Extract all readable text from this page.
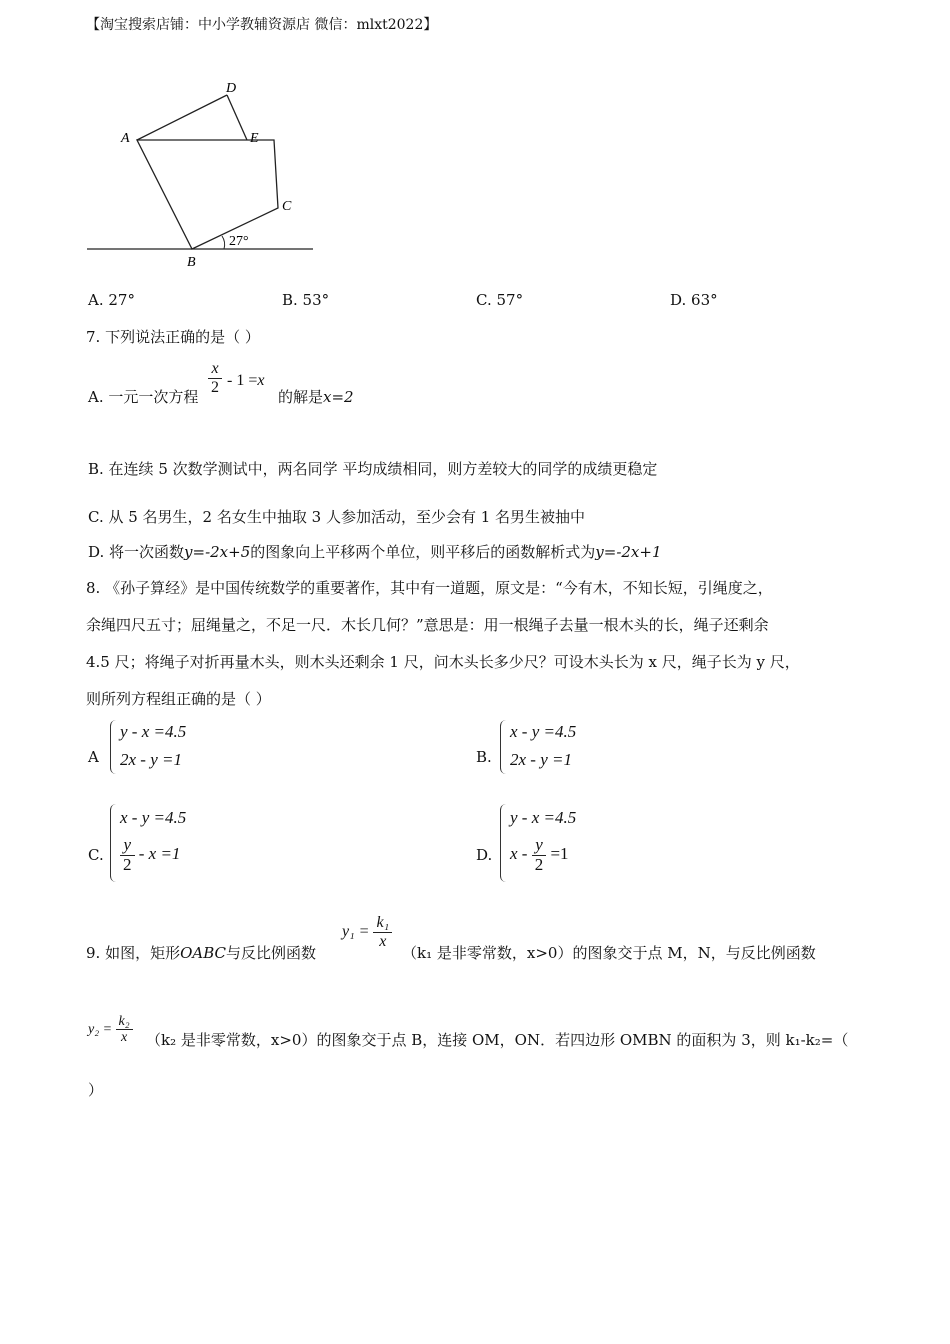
【淘宝搜索店铺：中小学教辅资源店 微信：mlxt2022】
D
A	E
C
B
27°
A. 27°	B. 53°	C. 57°	D. 63°
7. 下列说法正确的是（ ）
A. 一元一次方程
$\frac{x}{2} - 1 =x$
的解是x=2
B. 在连续 5 次数学测试中，两名同学 平均成绩相同，则方差较大的同学的成绩更稳定
C. 从 5 名男生，2 名女生中抽取 3 人参加活动，至少会有 1 名男生被抽中
D. 将一次函数y=-2x+5的图象向上平移两个单位，则平移后的函数解析式为y=-2x+1
8. 《孙子算经》是中国传统数学的重要著作，其中有一道题，原文是：“今有木，不知长短，引绳度之，
余绳四尺五寸；屈绳量之，不足一尺．木长几何？”意思是：用一根绳子去量一根木头的长，绳子还剩余
4.5 尺；将绳子对折再量木头，则木头还剩余 1 尺，问木头长多少尺？可设木头长为 x 尺，绳子长为 y 尺，
则所列方程组正确的是（ ）
A
y - x =4.5
2x - y =1	B.
x - y =4.5
2x - y =1
C.
x - y =4.5
$\frac{y}{2} - x =1$	D.
y - x =4.5
$x - \frac{y}{2} =1$
9. 如图，矩形OABC与反比例函数
$y_1 = \frac{\text{k₁}}{x}$
（k₁ 是非零常数，x>0）的图象交于点 M，N，与反比例函数
$y_2 = \frac{\text{k₂}}{x} (k_2$ 是非零常数，x>0）的图象交于点 B，连接 OM，ON．若四边形 OMBN 的面积为 3，则 k₁-k₂=（
）
